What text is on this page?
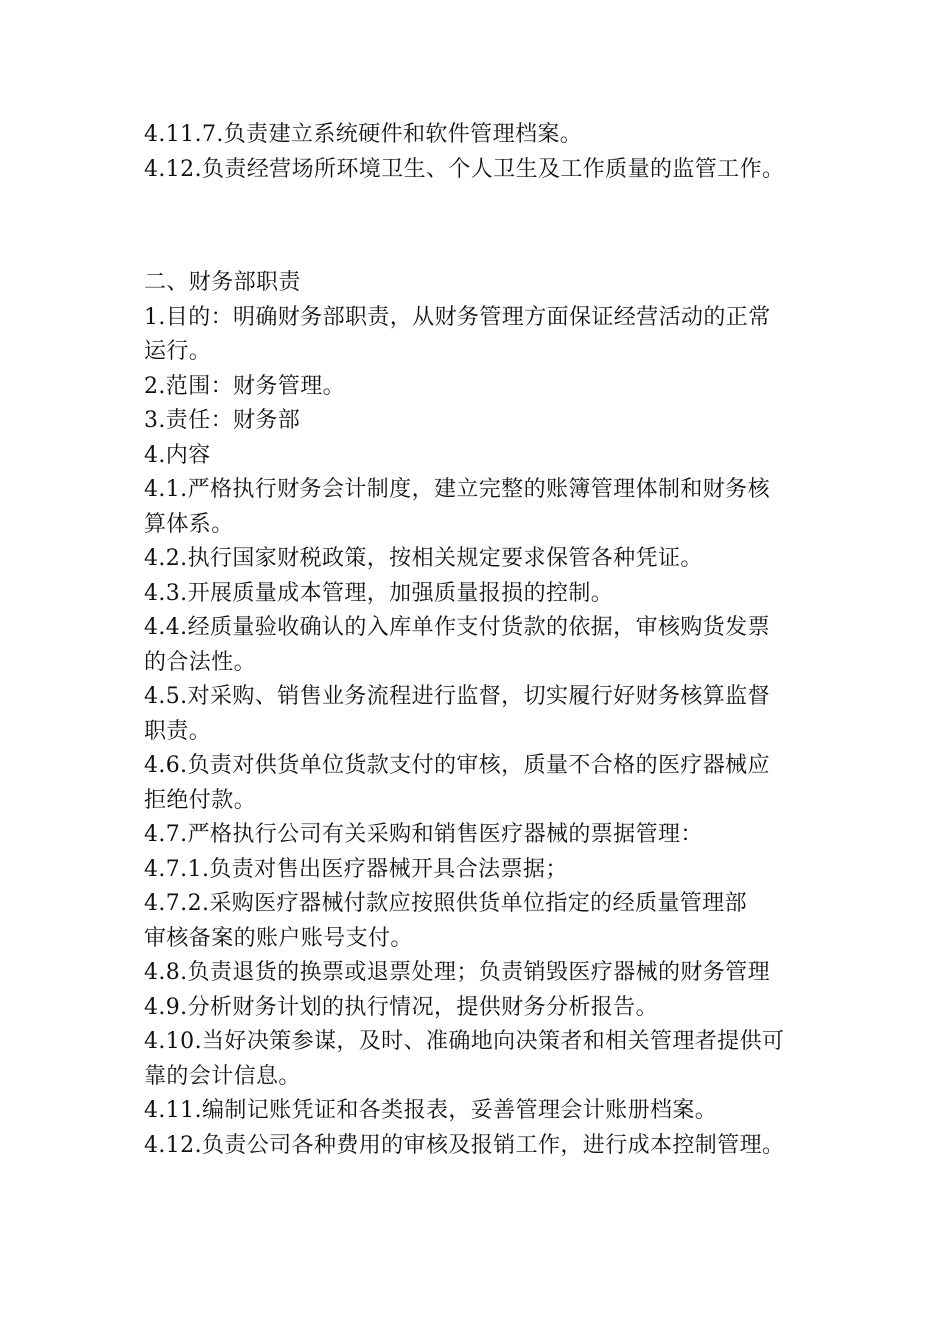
4.11.7.负责建立系统硬件和软件管理档案。
4.12.负责经营场所环境卫生、个人卫生及工作质量的监管工作。
二、财务部职责
1.目的：明确财务部职责，从财务管理方面保证经营活动的正常
运行。
2.范围：财务管理。
3.责任：财务部
4.内容
4.1.严格执行财务会计制度，建立完整的账簿管理体制和财务核
算体系。
4.2.执行国家财税政策，按相关规定要求保管各种凭证。
4.3.开展质量成本管理，加强质量报损的控制。
4.4.经质量验收确认的入库单作支付货款的依据，审核购货发票
的合法性。
4.5.对采购、销售业务流程进行监督，切实履行好财务核算监督
职责。
4.6.负责对供货单位货款支付的审核，质量不合格的医疗器械应
拒绝付款。
4.7.严格执行公司有关采购和销售医疗器械的票据管理：
4.7.1.负责对售出医疗器械开具合法票据；
4.7.2.采购医疗器械付款应按照供货单位指定的经质量管理部
审核备案的账户账号支付。
4.8.负责退货的换票或退票处理；负责销毁医疗器械的财务管理
4.9.分析财务计划的执行情况，提供财务分析报告。
4.10.当好决策参谋，及时、准确地向决策者和相关管理者提供可
靠的会计信息。
4.11.编制记账凭证和各类报表，妥善管理会计账册档案。
4.12.负责公司各种费用的审核及报销工作，进行成本控制管理。
